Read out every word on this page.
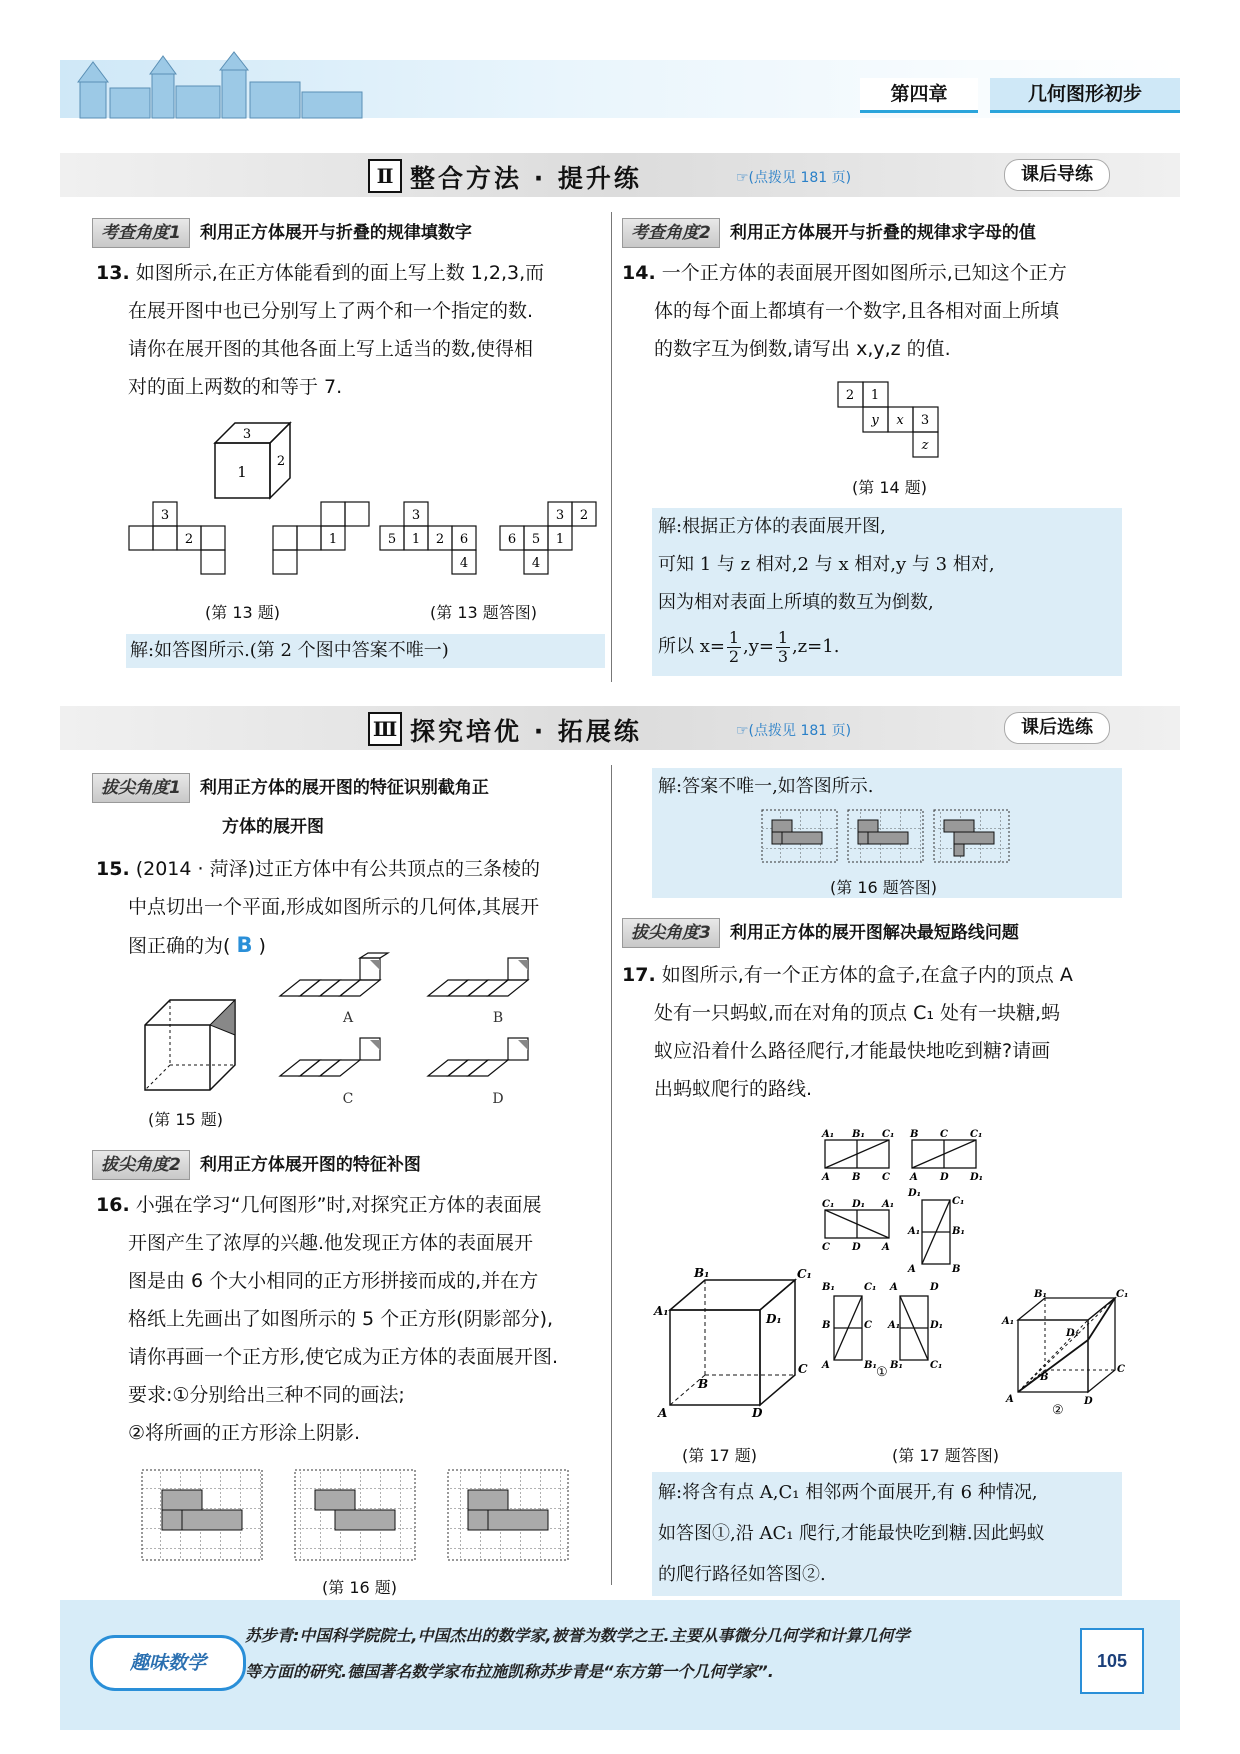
第四章	几何图形初步
Ⅱ 整合方法 · 提升练	☞(点拨见 181 页)	课后导练
考查角度1 利用正方体展开与折叠的规律填数字
13. 如图所示,在正方体能看到的面上写上数 1,2,3,而
在展开图中也已分别写上了两个和一个指定的数.
请你在展开图的其他各面上写上适当的数,使得相
对的面上两数的和等于 7.
3
1
2
3
2	1
3
5 1 2 6
4
3 2
6 5 1
4
(第 13 题)	(第 13 题答图)
解:如答图所示.(第 2 个图中答案不唯一)
考查角度2 利用正方体展开与折叠的规律求字母的值
14. 一个正方体的表面展开图如图所示,已知这个正方
体的每个面上都填有一个数字,且各相对面上所填
的数字互为倒数,请写出 x,y,z 的值.
2 1
y x 3
z
(第 14 题)
解:根据正方体的表面展开图,
可知 1 与 z 相对,2 与 x 相对,y 与 3 相对,
因为相对表面上所填的数互为倒数,
所以 x= 1
2 ,y= 1
3 ,z=1.
Ⅲ 探究培优 · 拓展练	☞(点拨见 181 页)	课后选练
拔尖角度1 利用正方体的展开图的特征识别截角正
方体的展开图
15. (2014 · 菏泽)过正方体中有公共顶点的三条棱的
中点切出一个平面,形成如图所示的几何体,其展开
图正确的为( B )
(第 15 题)
A	B
C	D
拔尖角度2 利用正方体展开图的特征补图
16. 小强在学习“几何图形”时,对探究正方体的表面展
开图产生了浓厚的兴趣.他发现正方体的表面展开
图是由 6 个大小相同的正方形拼接而成的,并在方
格纸上先画出了如图所示的 5 个正方形(阴影部分),
请你再画一个正方形,使它成为正方体的表面展开图.
要求:①分别给出三种不同的画法;
②将所画的正方形涂上阴影.
(第 16 题)
解:答案不唯一,如答图所示.
(第 16 题答图)
拔尖角度3 利用正方体的展开图解决最短路线问题
17. 如图所示,有一个正方体的盒子,在盒子内的顶点 A
处有一只蚂蚁,而在对角的顶点 C₁ 处有一块糖,蚂
蚁应沿着什么路径爬行,才能最快地吃到糖?请画
出蚂蚁爬行的路线.
B₁	C₁
A₁
D₁
B
C
A	D
(第 17 题)
A₁ B₁ C₁
A B C
B C C₁
A D D₁
C₁ D₁ A₁
C D A
D₁
C₁
A₁	B₁
A	B
B₁	C₁
B	C
A	B₁
A	D
A₁	D₁
B₁	C₁
①
B₁	C₁
A₁
D₁
B
C
A	D
②
(第 17 题答图)
解:将含有点 A,C₁ 相邻两个面展开,有 6 种情况,
如答图①,沿 AC₁ 爬行,才能最快吃到糖.因此蚂蚁
的爬行路径如答图②.
趣味数学
苏步青:中国科学院院士,中国杰出的数学家,被誉为数学之王.主要从事微分几何学和计算几何学
等方面的研究.德国著名数学家布拉施凯称苏步青是“东方第一个几何学家”.
105
